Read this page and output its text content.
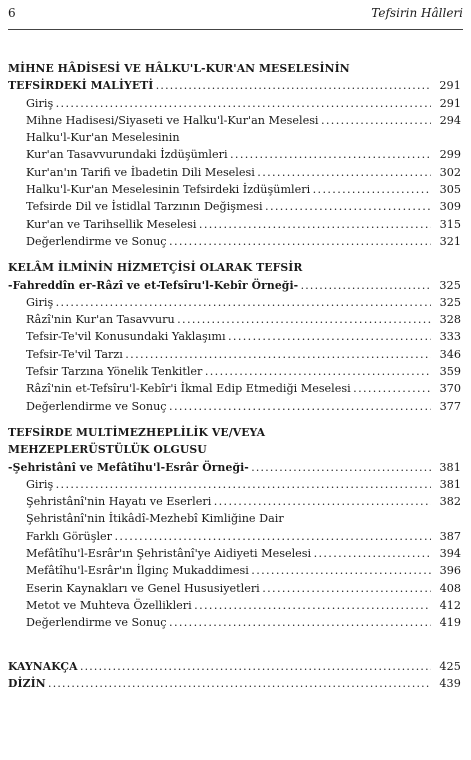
6	Tefsirin Hâlleri
MİHNE HÂDİSESİ VE HÂLKU'L-KUR'AN MESELESİNİN
TEFSİRDEKİ MALİYETİ . . .	291
Giriş . . .	291
Mihne Hadisesi/Siyaseti ve Halku'l-Kur'an Meselesi . . .	294
Halku'l-Kur'an Meselesinin
Kur'an Tasavvurundaki İzdüşümleri . . .	299
Kur'an'ın Tarifi ve İbadetin Dili Meselesi . . .	302
Halku'l-Kur'an Meselesinin Tefsirdeki İzdüşümleri . . .	305
Tefsirde Dil ve İstidlal Tarzının Değişmesi . . .	309
Kur'an ve Tarihsellik Meselesi . . .	315
Değerlendirme ve Sonuç . . .	321
KELÂM İLMİNİN HİZMETÇİSİ OLARAK TEFSİR
-Fahreddîn er-Râzî ve et-Tefsîru'l-Kebîr Örneği- . . .	325
Giriş . . .	325
Râzî'nin Kur'an Tasavvuru . . .	328
Tefsir-Te'vil Konusundaki Yaklaşımı . . .	333
Tefsir-Te'vil Tarzı . . .	346
Tefsir Tarzına Yönelik Tenkitler . . .	359
Râzî'nin et-Tefsîru'l-Kebîr'i İkmal Edip Etmediği Meselesi . . .	370
Değerlendirme ve Sonuç . . .	377
TEFSİRDE MULTİMEZHEPLİLİK VE/VEYA
MEHZEPLERÜSTÜLÜK OLGUSU
-Şehristânî ve Mefâtîhu'l-Esrâr Örneği- . . .	381
Giriş . . .	381
Şehristânî'nin Hayatı ve Eserleri . . .	382
Şehristânî'nin İtikâdî-Mezhebî Kimliğine Dair
Farklı Görüşler . . .	387
Mefâtîhu'l-Esrâr'ın Şehristânî'ye Aidiyeti Meselesi . . .	394
Mefâtîhu'l-Esrâr'ın İlginç Mukaddimesi . . .	396
Eserin Kaynakları ve Genel Hususiyetleri . . .	408
Metot ve Muhteva Özellikleri . . .	412
Değerlendirme ve Sonuç . . .	419
KAYNAKÇA . . .	425
DİZİN . . .	439
